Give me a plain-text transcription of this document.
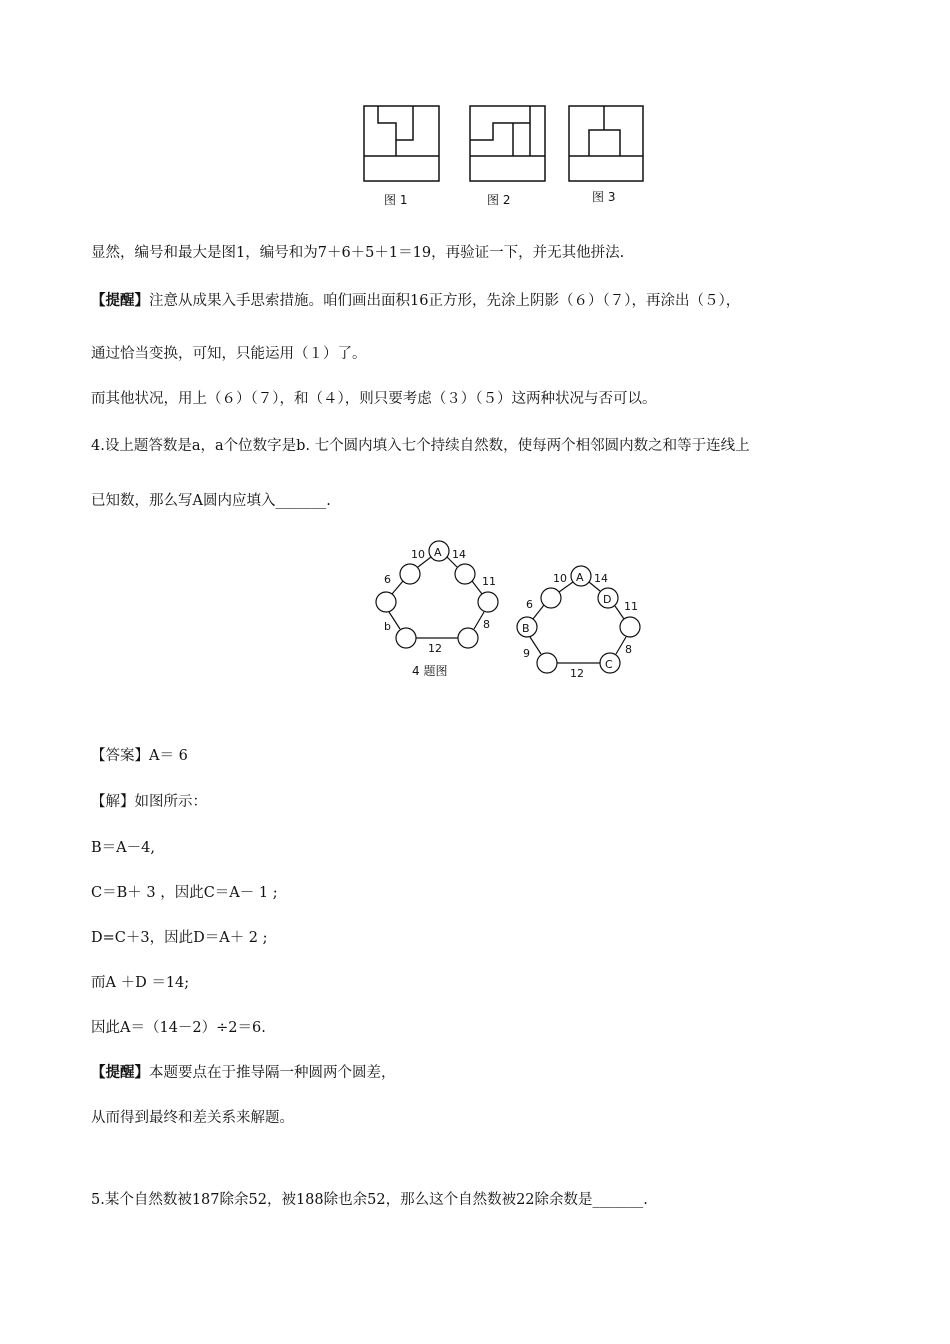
图 1	图 2	图 3
显然，编号和最大是图1，编号和为7＋6＋5＋1＝19，再验证一下，并无其他拼法.
【提醒】注意从成果入手思索措施。咱们画出面积16正方形，先涂上阴影（６）（７），再涂出（５），
通过恰当变换，可知，只能运用（１）了。
而其他状况，用上（６）（７），和（４），则只要考虑（３）（５）这两种状况与否可以。
4.设上题答数是a，a个位数字是b. 七个圆内填入七个持续自然数，使每两个相邻圆内数之和等于连线上
已知数，那么写A圆内应填入_______.
A
10 14
6	11
b	8
12
4 题图
A
D
B
C
10 14
6	11
9	8
12
【答案】A＝ 6
【解】如图所示：
B＝A－4,
C＝B＋ 3 ，因此C＝A－ 1 ;
D=C＋3，因此D＝A＋ 2 ;
而A ＋D ＝14;
因此A＝（14－2）÷2＝6.
【提醒】本题要点在于推导隔一种圆两个圆差，
从而得到最终和差关系来解题。
5.某个自然数被187除余52，被188除也余52，那么这个自然数被22除余数是_______.
